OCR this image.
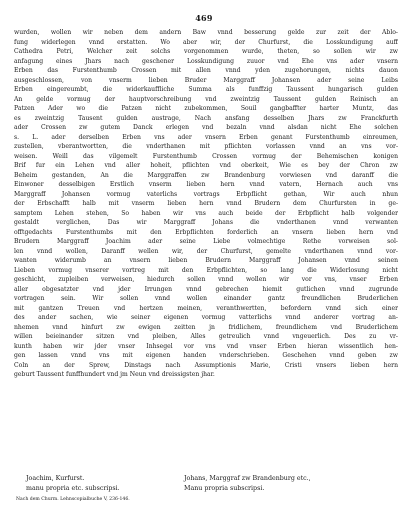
469
wurden, wollen wir neben dem andern Baw vnnd besserung gelde zur zeit der Ablo-
fung widerlegen vnnd erstatten. Wo aber wir, der Churfurst, die Losskundigung auff
Cathedra Petri, Welcher zeit solchs vorgenommen wurde, theten, so sollen wir zw
anfagung eines Jhars nach geschener Losskundigung zuuor vnd Ehe vns ader vnsern
Erben das Furstenthumb Crossen mit allen vnnd yden zugehorungen, nichts dauon
ausgeschlossen, von vnserm lieben Bruder Marggraff Johansen ader seine Leibs
Erben eingereumbt, die widerkauffliche Summa als funffzig Taussent hungarisch gulden
An gelde vormug der hauptvorschreibung vnd zweintzig Taussent gulden Reinisch an
Patzen Ader wo die Patzen nicht zubekommen, Souil gangbaffter harter Muntz, das
es zweintzig Tausent gulden austrage, Nach ansfang desselben Jhars zw Franckfurth
ader Crossen zw gutem Danck erlegen vnd bezaln vnnd alsdan nicht Ehe solchen
s. L. ader derselben Erben vns ader vnsern Erben genant Furstenthumb einreumen,
zustellen, vberantwortten, die vnderthanen mit pflichten vorlassen vnnd an vns vor-
weisen. Weill das vilgemelt Furstenthumb Crossen vormug der Behemischen konigen
Brif fur ein Lehen vnd aller hoheit, pflichten vnd oberkeit, Wie es bey der Chron zw
Beheim gestanden, An die Marggraffen zw Brandenburg vorwiesen vnd daranff die
Einwoner desselbigen Erstlich vnserm lieben hern vnnd vatern, Hernach auch vns
Marggraff Johansen vormug vaterlichs vortrags Erbpflicht gethan, Wir auch nhun
der Erbschafft halb mit vnserm lieben hern vnnd Brudern dem Churfursten in ge-
samptem Lehen stehen, So haben wir vns auch beide der Erbpflicht halb volgender
gestaldt verglichen, Das wir Marggraff Johans die vnderthanen vnnd verwanten
offtgedachts Furstenthumbs mit den Erbpflichten forderlich an vnsern lieben hern vnd
Brudern Marggraff Joachim ader seine Liebe volmechtige Rethe vorweisen sol-
len vnnd wollen, Daranff wellen wir, der Churfurst, gemelte vnderthanen vnnd vor-
wanten widerumb an vnsern lieben Brudern Marggraff Johansen vnnd seinen
Lieben vormug vnserer vortreg mit den Erbpflichten, so lang die Widerlosung nicht
geschicht, zupleiben verweisen, hiedurch sollen vnnd wollen wir vor vns, vnser Erben
aller obgesatzter vnd jder Irrungen vnnd gebrechen hiemit gutlichen vnnd zugrunde
vortragen sein. Wir sollen vnnd wollen einander gantz freundlichen Bruderlichen
mit gantzen Treuen vnd hertzen meinen, veranthwertten, befordern vnnd sich einer
des ander sachen, wie seiner eigenen vormug vatterlichs vnnd anderer vortrag an-
nhemen vnnd hinfurt zw ewigen zeitten jn fridlichem, freundlichem vnd Bruderlichem
willen beieinander sitzen vnd pleiben, Alles getreulich vnnd vngeuerlich. Des zu vr-
kunth haben wir jder vnser Inhsegel vor vns vnd vnser Erben hieran wissentlich hen-
gen lassen vnnd vns mit eigenen handen vnderschrieben. Geschehen vnnd geben zw
Coln an der Sprew, Dinstags nach Assumptionis Marie, Cristi vnsers lieben hern
geburt Taussent funffhundert vnd jm Neun vnd dreissigsten jhar.
Joachim, Kurfurst.	Johans, Marggraf zw Brandenburg etc.,
manu propria etc. subscripsi.	Manu propria subscripsi.
Nach dem Churm. Lehnscopialbuche V, 236-146.
